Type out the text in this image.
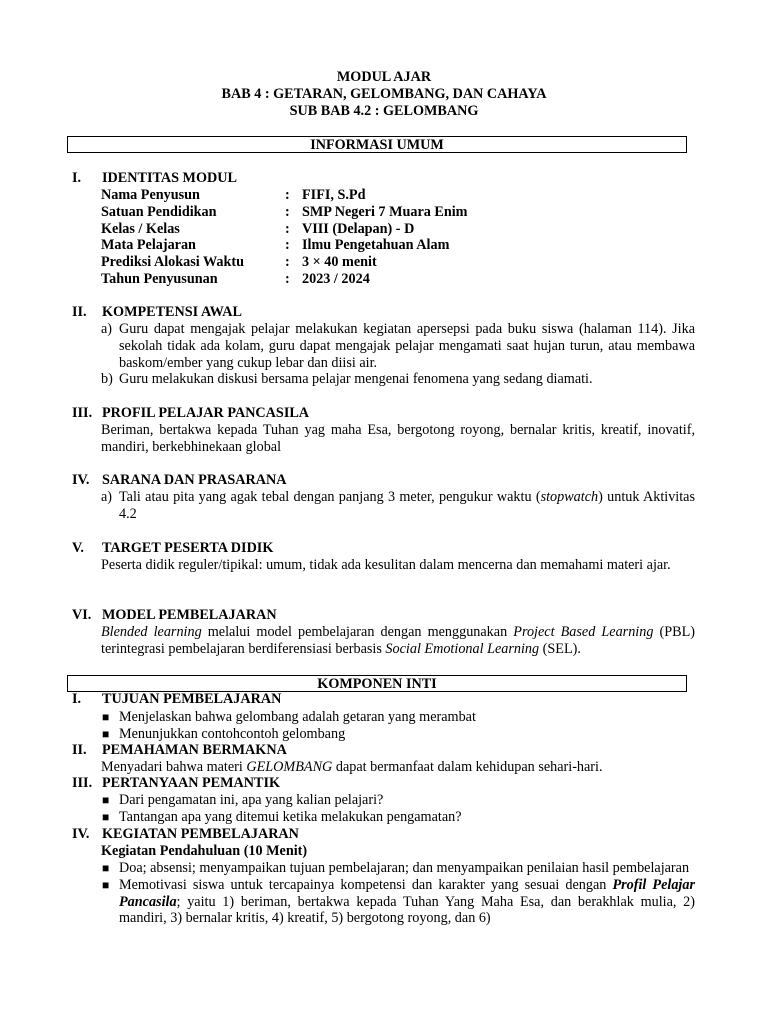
MODUL AJAR
BAB 4 : GETARAN, GELOMBANG, DAN CAHAYA
SUB BAB 4.2 : GELOMBANG
INFORMASI UMUM
I. IDENTITAS MODUL
Nama Penyusun	: FIFI, S.Pd
Satuan Pendidikan	: SMP Negeri 7 Muara Enim
Kelas / Kelas	: VIII (Delapan) - D
Mata Pelajaran	: Ilmu Pengetahuan Alam
Prediksi Alokasi Waktu	: 3 × 40 menit
Tahun Penyusunan	: 2023 / 2024
II. KOMPETENSI AWAL
a) Guru dapat mengajak pelajar melakukan kegiatan apersepsi pada buku siswa (halaman 114). Jika sekolah tidak ada kolam, guru dapat mengajak pelajar mengamati saat hujan turun, atau membawa baskom/ember yang cukup lebar dan diisi air.
b) Guru melakukan diskusi bersama pelajar mengenai fenomena yang sedang diamati.
III. PROFIL PELAJAR PANCASILA
Beriman, bertakwa kepada Tuhan yag maha Esa, bergotong royong, bernalar kritis, kreatif, inovatif, mandiri, berkebhinekaan global
IV. SARANA DAN PRASARANA
a) Tali atau pita yang agak tebal dengan panjang 3 meter, pengukur waktu (stopwatch) untuk Aktivitas 4.2
V. TARGET PESERTA DIDIK
Peserta didik reguler/tipikal: umum, tidak ada kesulitan dalam mencerna dan memahami materi ajar.
VI. MODEL PEMBELAJARAN
Blended learning melalui model pembelajaran dengan menggunakan Project Based Learning (PBL) terintegrasi pembelajaran berdiferensiasi berbasis Social Emotional Learning (SEL).
KOMPONEN INTI
I. TUJUAN PEMBELAJARAN
■ Menjelaskan bahwa gelombang adalah getaran yang merambat
■ Menunjukkan contohcontoh gelombang
II. PEMAHAMAN BERMAKNA
Menyadari bahwa materi GELOMBANG dapat bermanfaat dalam kehidupan sehari-hari.
III. PERTANYAAN PEMANTIK
■ Dari pengamatan ini, apa yang kalian pelajari?
■ Tantangan apa yang ditemui ketika melakukan pengamatan?
IV. KEGIATAN PEMBELAJARAN
Kegiatan Pendahuluan (10 Menit)
■ Doa; absensi; menyampaikan tujuan pembelajaran; dan menyampaikan penilaian hasil pembelajaran
■ Memotivasi siswa untuk tercapainya kompetensi dan karakter yang sesuai dengan Profil Pelajar Pancasila; yaitu 1) beriman, bertakwa kepada Tuhan Yang Maha Esa, dan berakhlak mulia, 2) mandiri, 3) bernalar kritis, 4) kreatif, 5) bergotong royong, dan 6)
